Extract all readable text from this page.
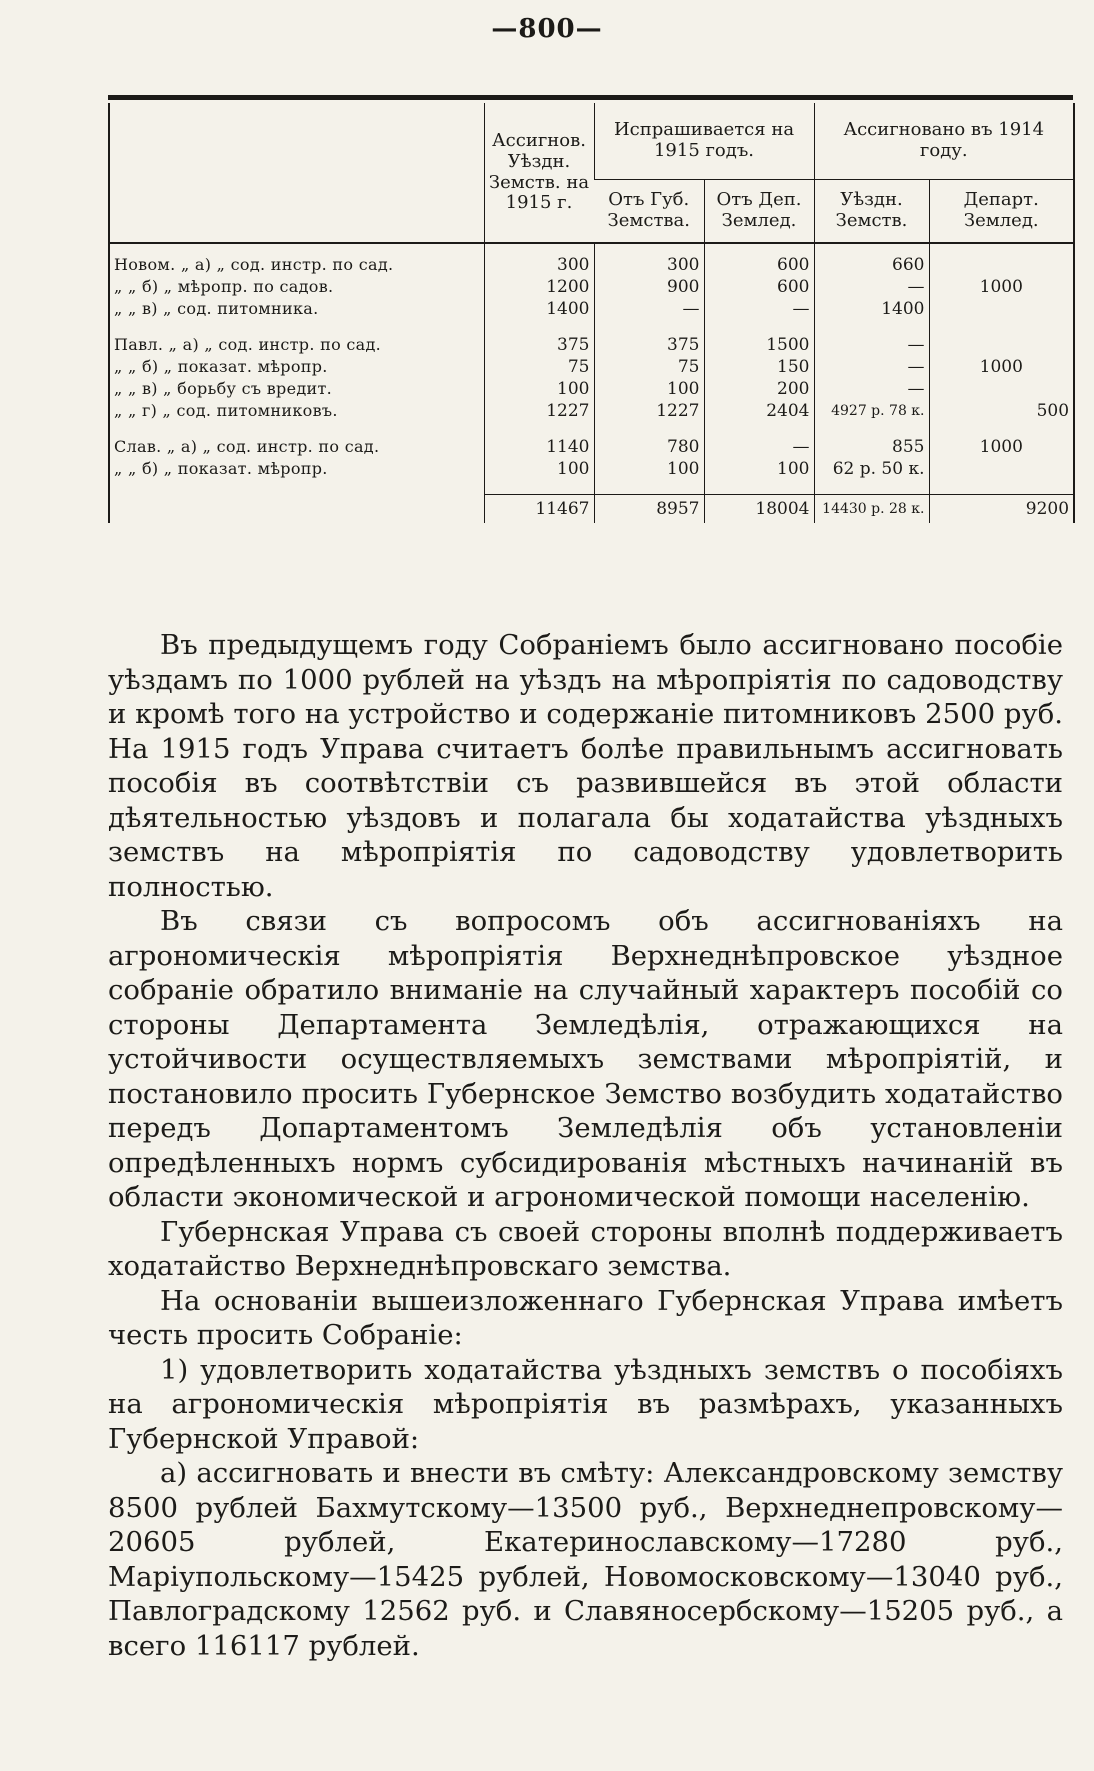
—800—
	Ассигнов. Уѣздн. Земств. на 1915 г.	Испрашивается на 1915 годъ.		Ассигновано въ 1914 году.	
		Отъ Губ. Земства.	Отъ Деп. Землед.	Уѣздн. Земств.	Департ. Землед.

Новом. „ а) „ сод. инстр. по сад.	300	300	600	660	
„ „ б) „ мѣропр. по садов.	1200	900	600	—	1000
„ „ в) „ сод. питомника.	1400	—	—	1400	

Павл. „ а) „ сод. инстр. по сад.	375	375	1500	—	
„ „ б) „ показат. мѣропр.	75	75	150	—	1000
„ „ в) „ борьбу съ вредит.	100	100	200	—	
„ „ г) „ сод. питомниковъ.	1227	1227	2404	4927 р. 78 к.	500

Слав. „ а) „ сод. инстр. по сад.	1140	780	—	855	1000
„ „ б) „ показат. мѣропр.	100	100	100	62 р. 50 к.	

	11467	8957	18004	14430 р. 28 к.	9200

Въ предыдущемъ году Собраніемъ было ассигновано пособіе уѣздамъ по 1000 рублей на уѣздъ на мѣропріятія по садоводству и кромѣ того на устройство и содержаніе питомниковъ 2500 руб. На 1915 годъ Управа считаетъ болѣе правильнымъ ассигновать пособія въ соотвѣтствіи съ развившейся въ этой области дѣятельностью уѣздовъ и полагала бы ходатайства уѣздныхъ земствъ на мѣропріятія по садоводству удовлетворить полностью.

Въ связи съ вопросомъ объ ассигнованіяхъ на агрономическія мѣропріятія Верхнеднѣпровское уѣздное собраніе обратило вниманіе на случайный характеръ пособій со стороны Департамента Земледѣлія, отражающихся на устойчивости осуществляемыхъ земствами мѣропріятій, и постановило просить Губернское Земство возбудить ходатайство передъ Допартаментомъ Земледѣлія объ установленіи опредѣленныхъ нормъ субсидированія мѣстныхъ начинаній въ области экономической и агрономической помощи населенію.

Губернская Управа съ своей стороны вполнѣ поддерживаетъ ходатайство Верхнеднѣпровскаго земства.

На основаніи вышеизложеннаго Губернская Управа имѣетъ честь просить Собраніе:

1) удовлетворить ходатайства уѣздныхъ земствъ о пособіяхъ на агрономическія мѣропріятія въ размѣрахъ, указанныхъ Губернской Управой:

а) ассигновать и внести въ смѣту: Александровскому земству 8500 рублей Бахмутскому—13500 руб., Верхнеднепровскому—20605 рублей, Екатеринославскому—17280 руб., Маріупольскому—15425 рублей, Новомосковскому—13040 руб., Павлоградскому 12562 руб. и Славяносербскому—15205 руб., а всего 116117 рублей.
